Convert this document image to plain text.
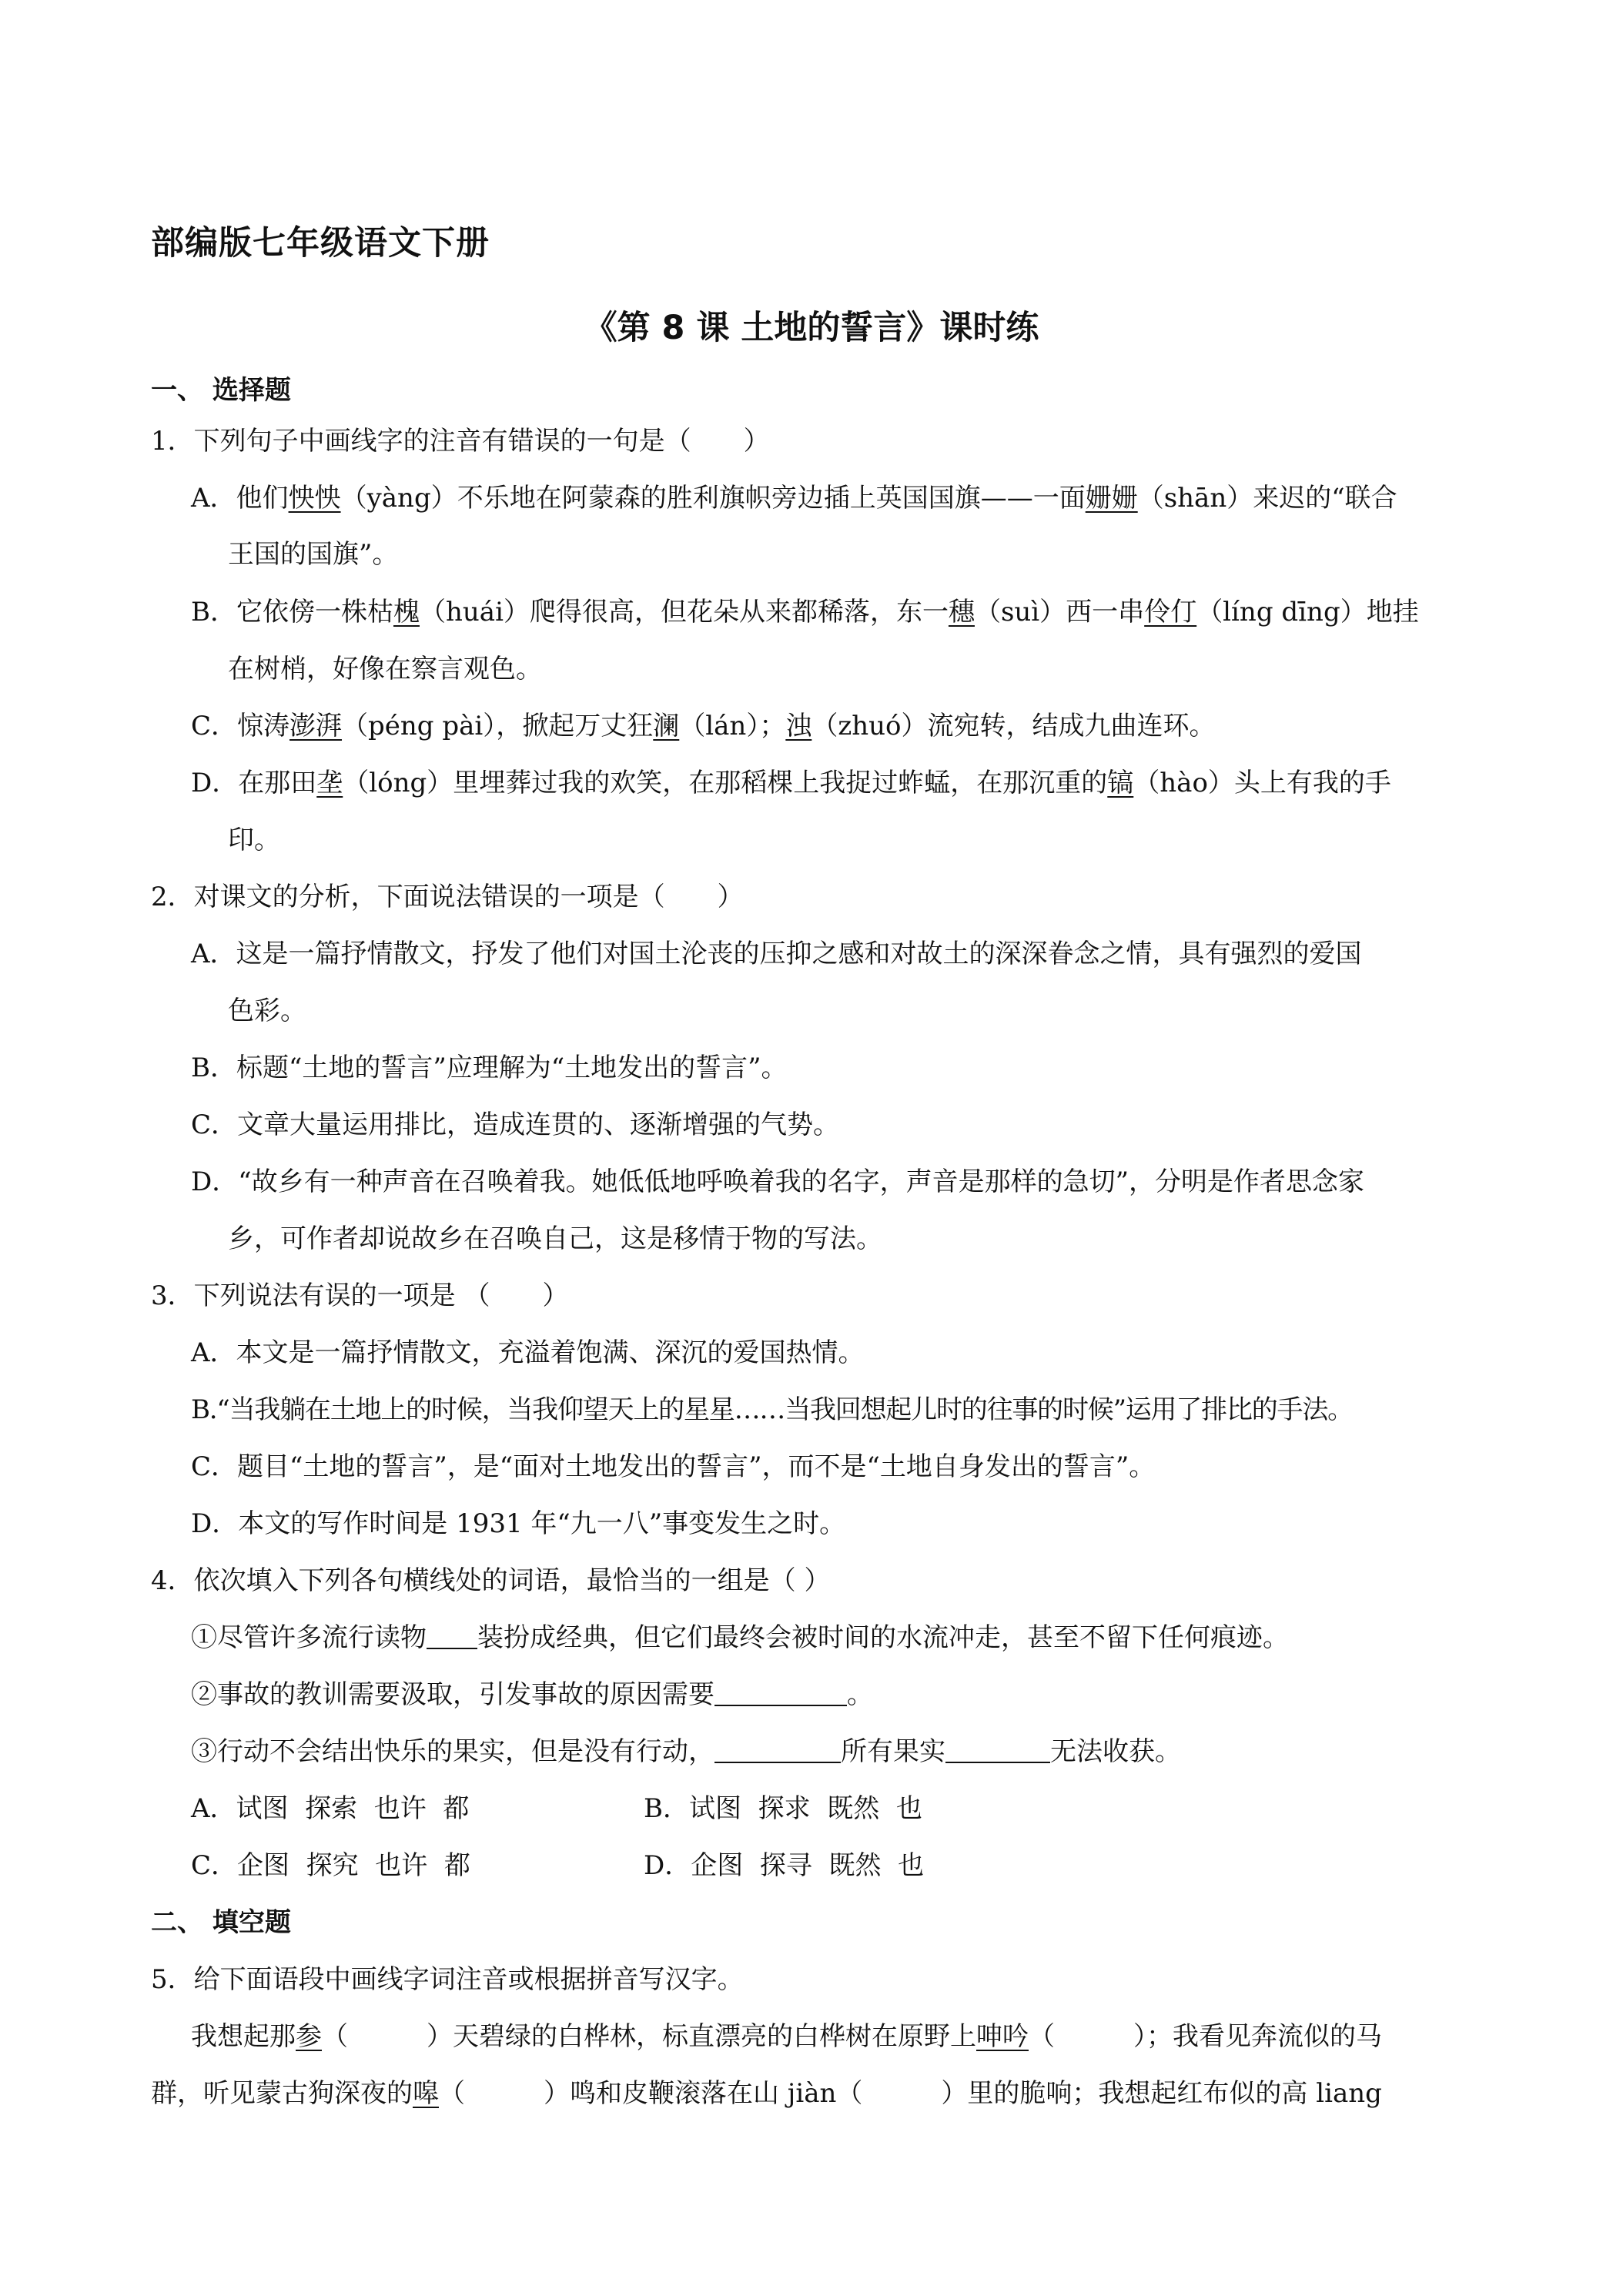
部编版七年级语文下册
《第 8 课 土地的誓言》课时练
一、 选择题
1．下列句子中画线字的注音有错误的一句是（　　）
A．他们怏怏（yàng）不乐地在阿蒙森的胜利旗帜旁边插上英国国旗——一面姗姗（shān）来迟的“联合
王国的国旗”。
B．它依傍一株枯槐（huái）爬得很高，但花朵从来都稀落，东一穗（suì）西一串伶仃（líng dīng）地挂
在树梢，好像在察言观色。
C．惊涛澎湃（péng pài），掀起万丈狂澜（lán）；浊（zhuó）流宛转，结成九曲连环。
D．在那田垄（lóng）里埋葬过我的欢笑，在那稻棵上我捉过蚱蜢，在那沉重的镐（hào）头上有我的手
印。
2．对课文的分析，下面说法错误的一项是（　　）
A．这是一篇抒情散文，抒发了他们对国土沦丧的压抑之感和对故土的深深眷念之情，具有强烈的爱国
色彩。
B．标题“土地的誓言”应理解为“土地发出的誓言”。
C．文章大量运用排比，造成连贯的、逐渐增强的气势。
D．“故乡有一种声音在召唤着我。她低低地呼唤着我的名字，声音是那样的急切”，分明是作者思念家
乡，可作者却说故乡在召唤自己，这是移情于物的写法。
3．下列说法有误的一项是 （　　）
A．本文是一篇抒情散文，充溢着饱满、深沉的爱国热情。
B.“当我躺在土地上的时候，当我仰望天上的星星……当我回想起儿时的往事的时候”运用了排比的手法。
C．题目“土地的誓言”，是“面对土地发出的誓言”，而不是“土地自身发出的誓言”。
D．本文的写作时间是 1931 年“九一八”事变发生之时。
4．依次填入下列各句横线处的词语，最恰当的一组是（ ）
①尽管许多流行读物 装扮成经典，但它们最终会被时间的水流冲走，甚至不留下任何痕迹。
②事故的教训需要汲取，引发事故的原因需要	。
③行动不会结出快乐的果实，但是没有行动，	所有果实	无法收获。
A．试图  探索  也许  都	B．试图  探求  既然  也
C．企图  探究  也许  都	D．企图  探寻  既然  也
二、 填空题
5．给下面语段中画线字词注音或根据拼音写汉字。
我想起那参（　　　）天碧绿的白桦林，标直漂亮的白桦树在原野上呻吟（　　　）；我看见奔流似的马
群，听见蒙古狗深夜的嗥（　　　）鸣和皮鞭滚落在山 jiàn（　　　）里的脆响；我想起红布似的高 liang
